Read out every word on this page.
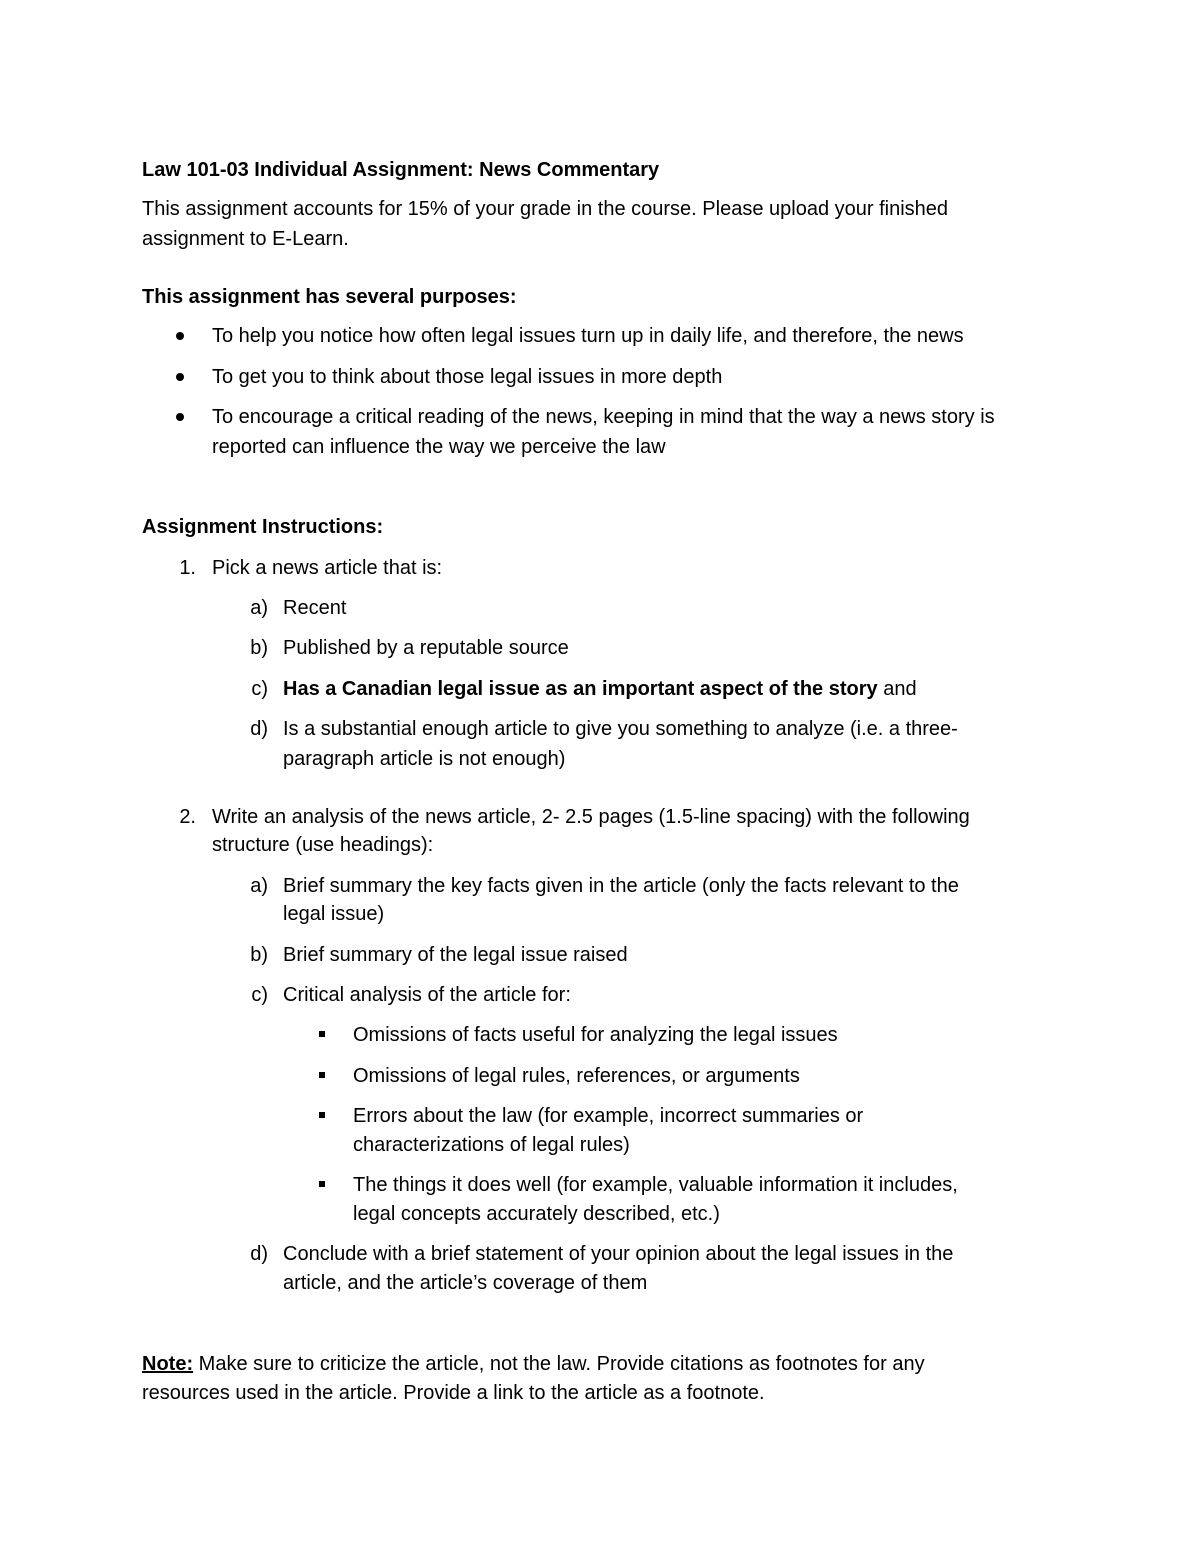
Law 101-03 Individual Assignment: News Commentary
This assignment accounts for 15% of your grade in the course. Please upload your finished
assignment to E-Learn.
This assignment has several purposes:
To help you notice how often legal issues turn up in daily life, and therefore, the news
To get you to think about those legal issues in more depth
To encourage a critical reading of the news, keeping in mind that the way a news story is
reported can influence the way we perceive the law
Assignment Instructions:
1. Pick a news article that is:
a) Recent
b) Published by a reputable source
c) Has a Canadian legal issue as an important aspect of the story and
d) Is a substantial enough article to give you something to analyze (i.e. a three-
paragraph article is not enough)
2. Write an analysis of the news article, 2- 2.5 pages (1.5-line spacing) with the following
structure (use headings):
a) Brief summary the key facts given in the article (only the facts relevant to the
legal issue)
b) Brief summary of the legal issue raised
c) Critical analysis of the article for:
Omissions of facts useful for analyzing the legal issues
Omissions of legal rules, references, or arguments
Errors about the law (for example, incorrect summaries or
characterizations of legal rules)
The things it does well (for example, valuable information it includes,
legal concepts accurately described, etc.)
d) Conclude with a brief statement of your opinion about the legal issues in the
article, and the article’s coverage of them
Note: Make sure to criticize the article, not the law. Provide citations as footnotes for any
resources used in the article. Provide a link to the article as a footnote.
